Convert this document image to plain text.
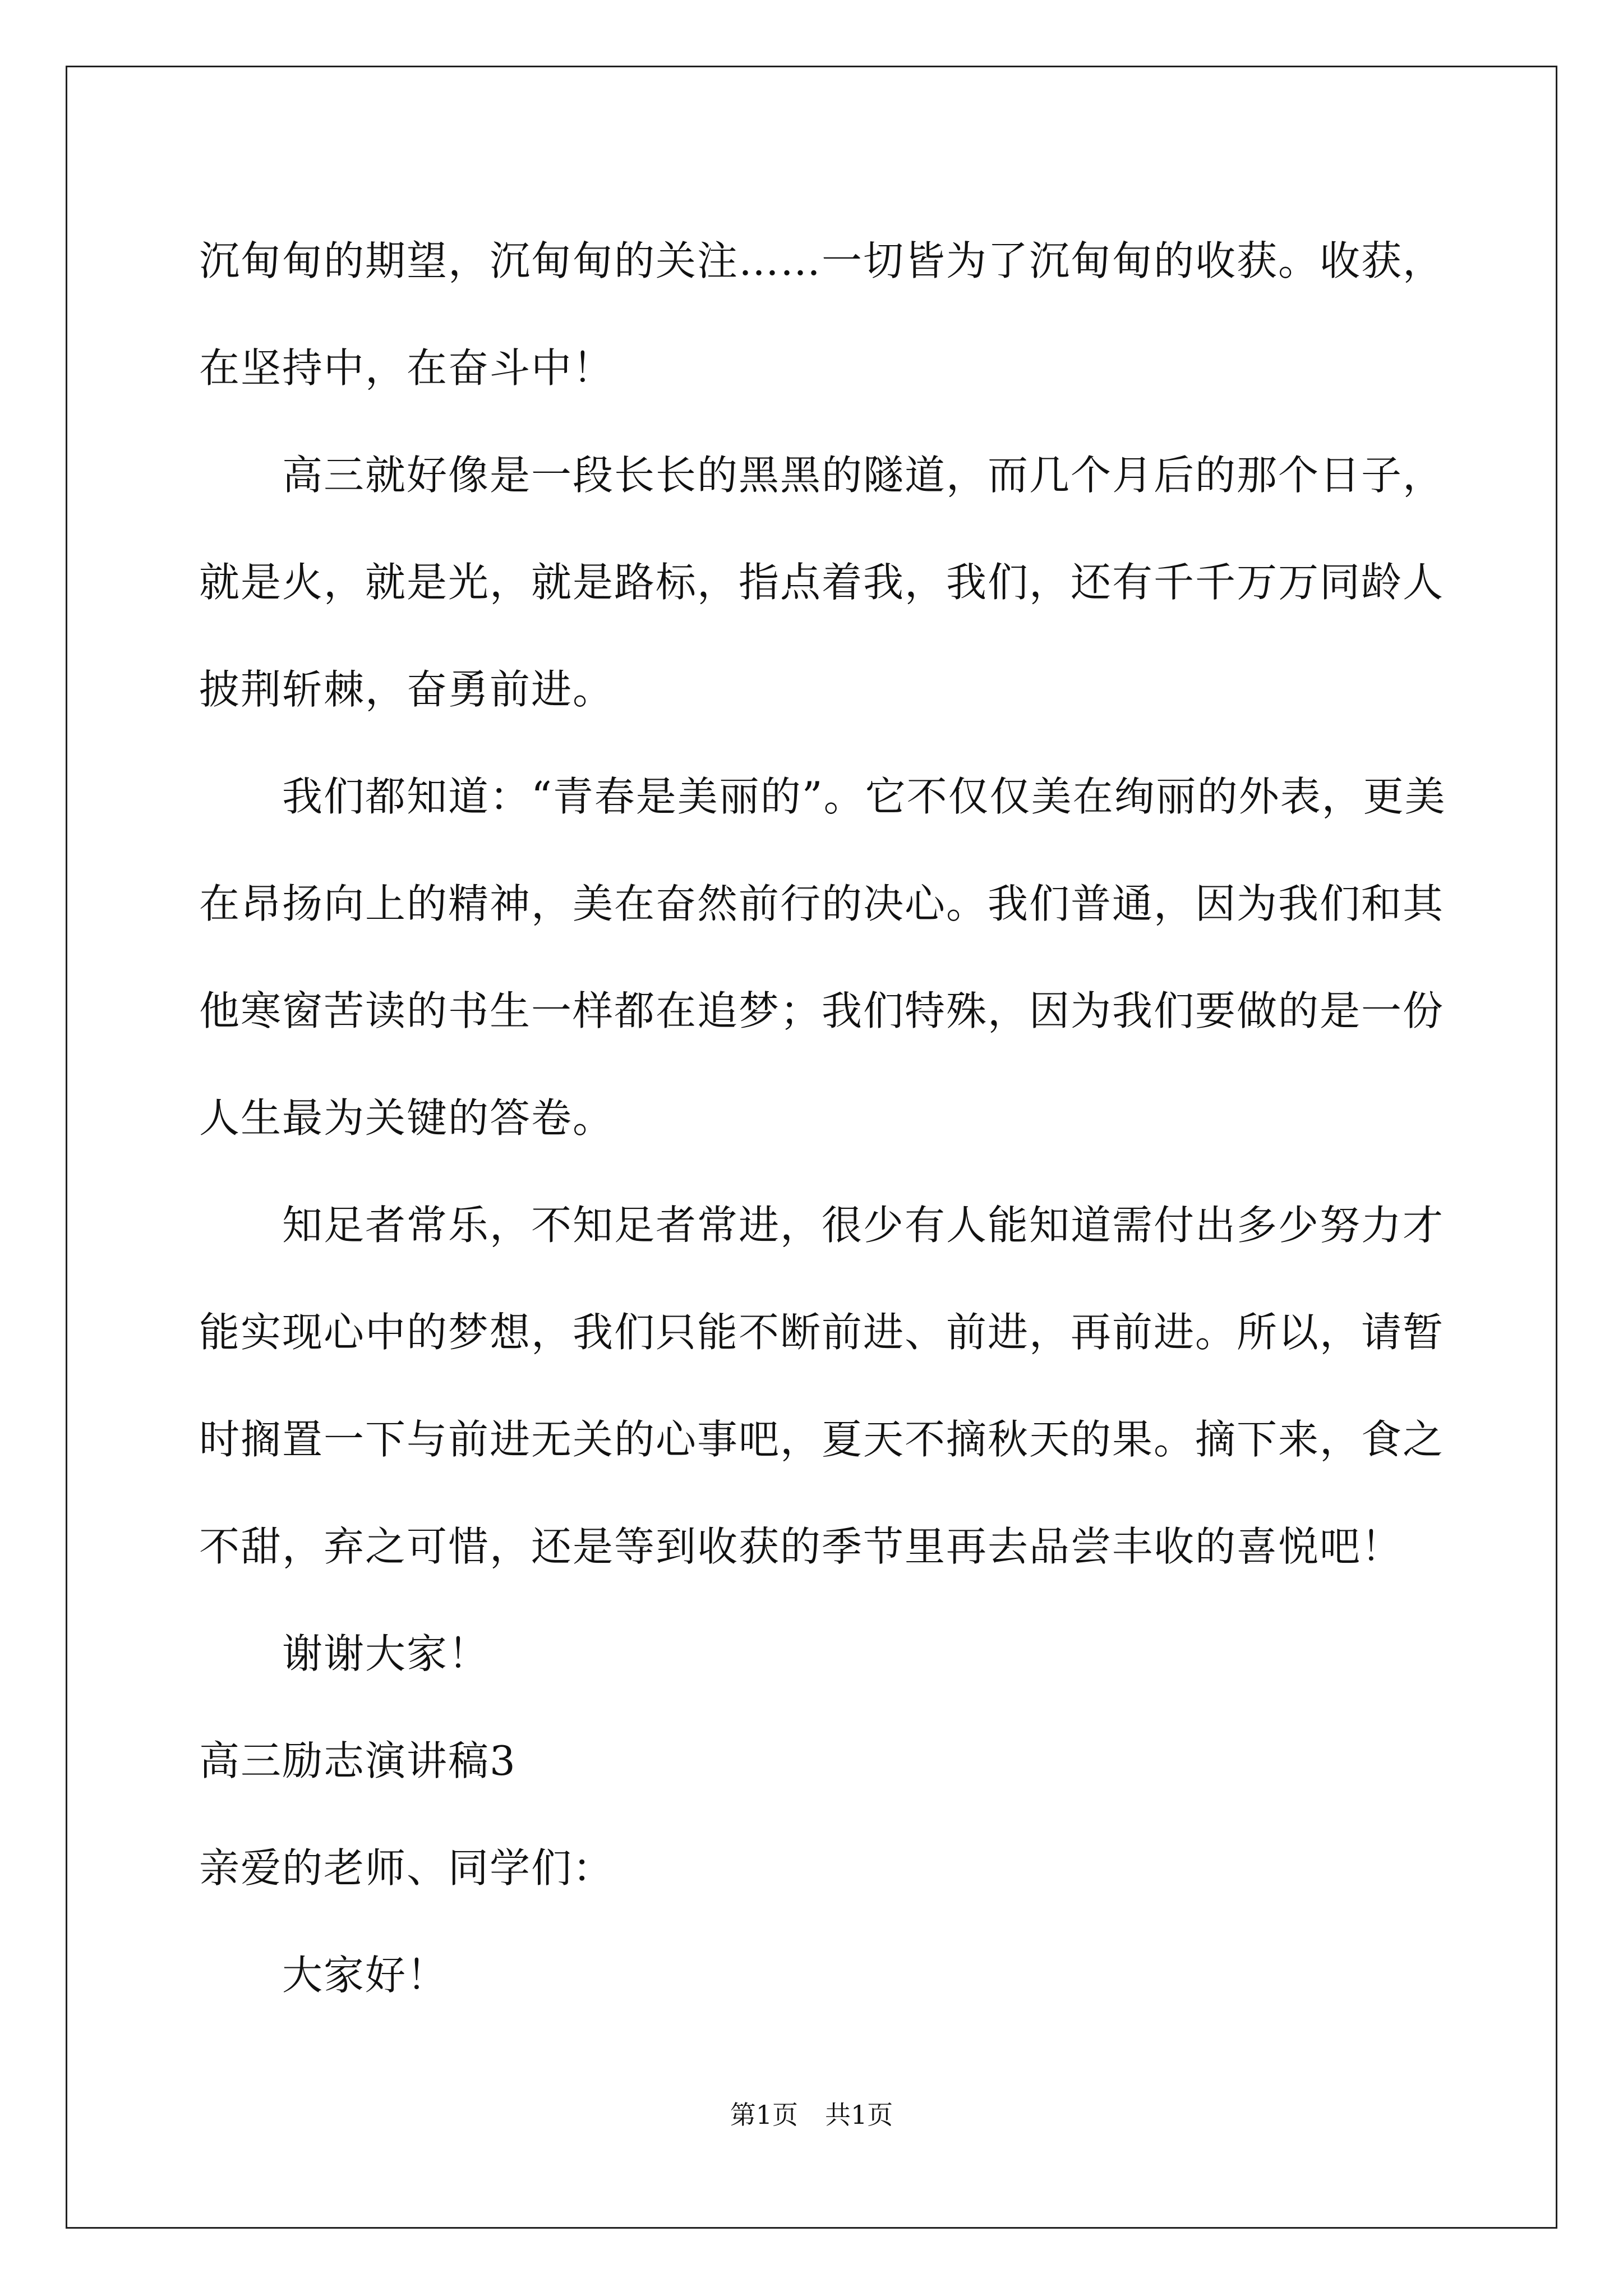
沉甸甸的期望，沉甸甸的关注……一切皆为了沉甸甸的收获。收获，
在坚持中，在奋斗中！
高三就好像是一段长长的黑黑的隧道，而几个月后的那个日子，
就是火，就是光，就是路标，指点着我，我们，还有千千万万同龄人
披荆斩棘，奋勇前进。
我们都知道：“青春是美丽的”。它不仅仅美在绚丽的外表，更美
在昂扬向上的精神，美在奋然前行的决心。我们普通，因为我们和其
他寒窗苦读的书生一样都在追梦；我们特殊，因为我们要做的是一份
人生最为关键的答卷。
知足者常乐，不知足者常进，很少有人能知道需付出多少努力才
能实现心中的梦想，我们只能不断前进、前进，再前进。所以，请暂
时搁置一下与前进无关的心事吧，夏天不摘秋天的果。摘下来，食之
不甜，弃之可惜，还是等到收获的季节里再去品尝丰收的喜悦吧！
谢谢大家！
高三励志演讲稿3
亲爱的老师、同学们：
大家好！
第1页 共1页
